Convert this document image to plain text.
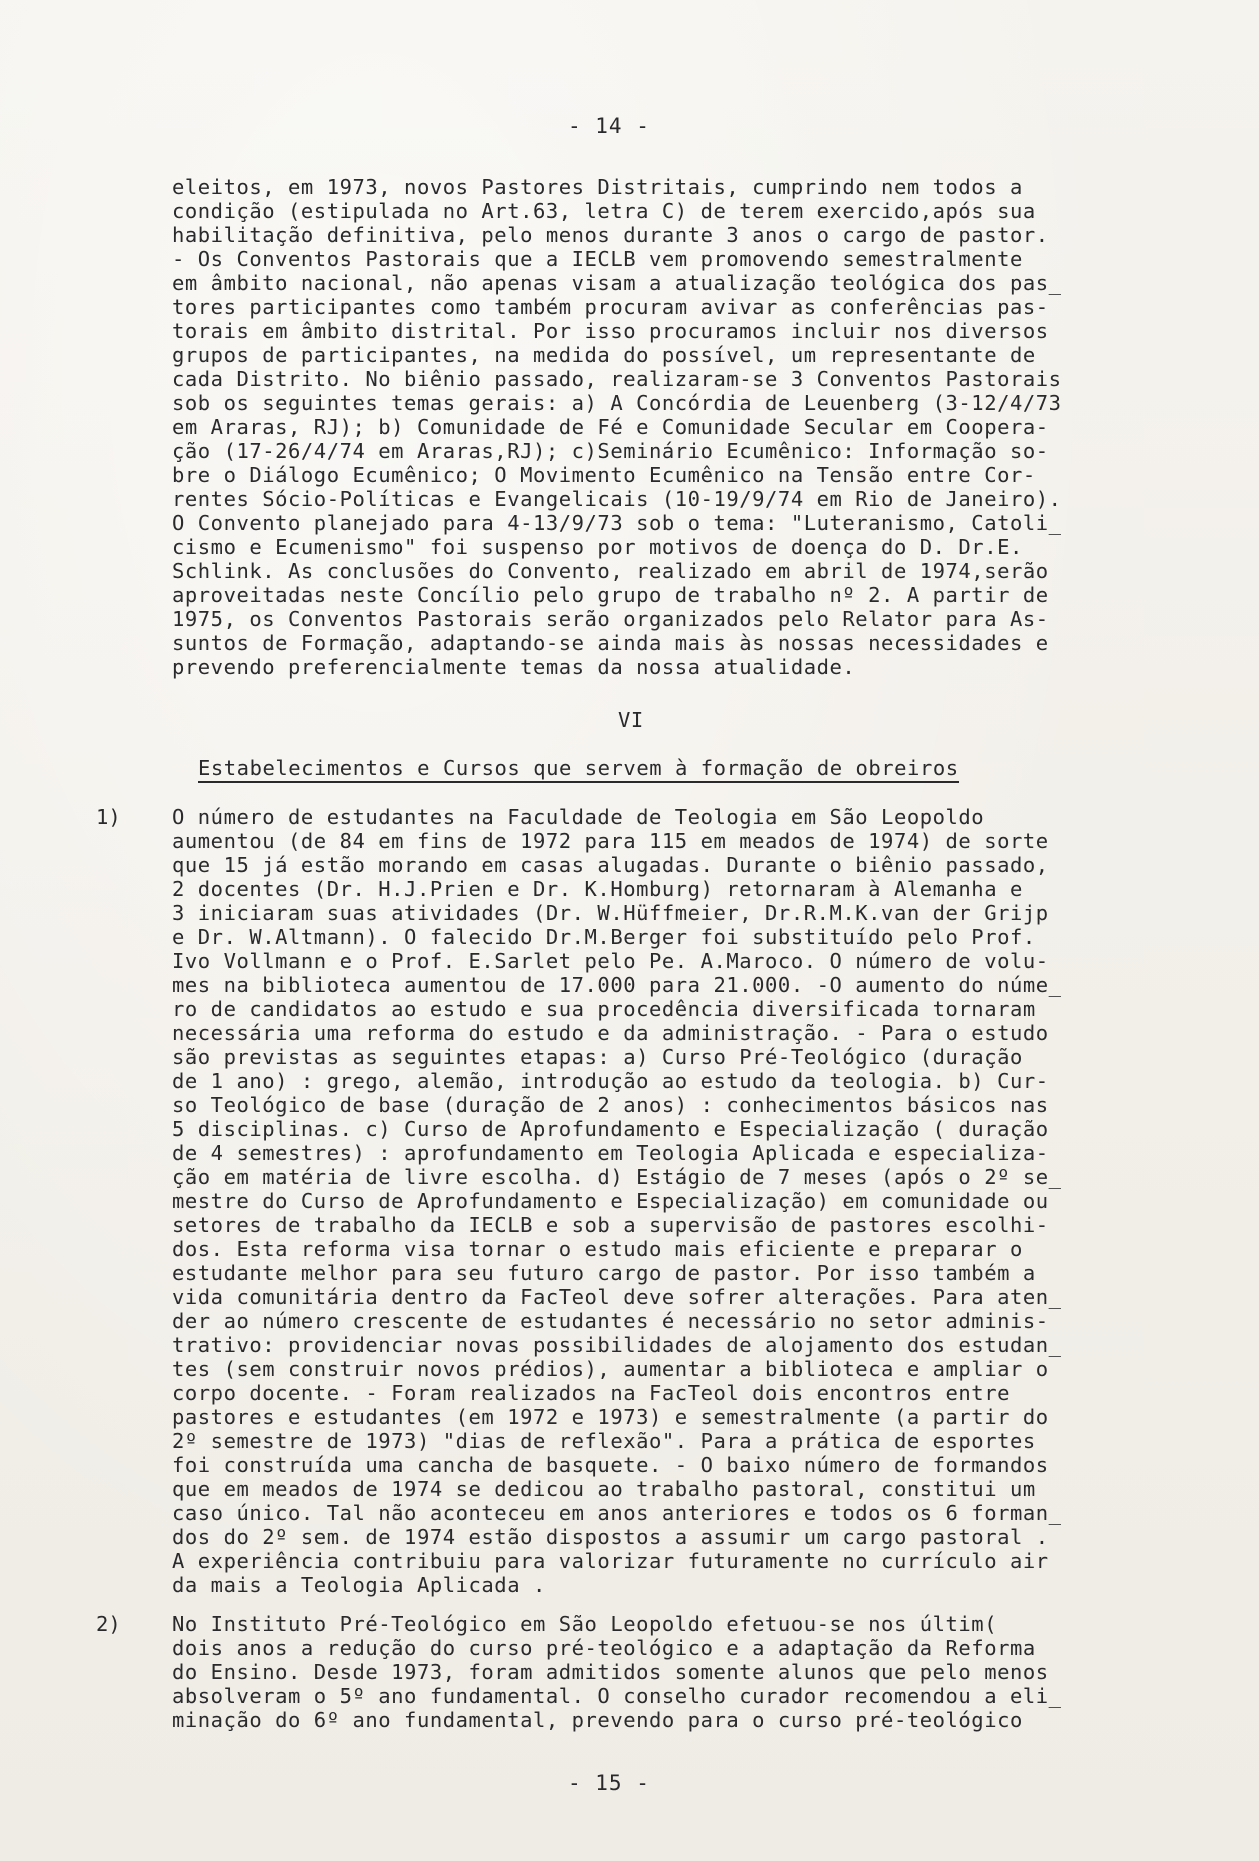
- 14 -
eleitos, em 1973, novos Pastores Distritais, cumprindo nem todos a
condição (estipulada no Art.63, letra C) de terem exercido,após sua
habilitação definitiva, pelo menos durante 3 anos o cargo de pastor.
- Os Conventos Pastorais que a IECLB vem promovendo semestralmente
em âmbito nacional, não apenas visam a atualização teológica dos pas_
tores participantes como também procuram avivar as conferências pas-
torais em âmbito distrital. Por isso procuramos incluir nos diversos
grupos de participantes, na medida do possível, um representante de
cada Distrito. No biênio passado, realizaram-se 3 Conventos Pastorais
sob os seguintes temas gerais: a) A Concórdia de Leuenberg (3-12/4/73
em Araras, RJ); b) Comunidade de Fé e Comunidade Secular em Coopera-
ção (17-26/4/74 em Araras,RJ); c)Seminário Ecumênico: Informação so-
bre o Diálogo Ecumênico; O Movimento Ecumênico na Tensão entre Cor-
rentes Sócio-Políticas e Evangelicais (10-19/9/74 em Rio de Janeiro).
O Convento planejado para 4-13/9/73 sob o tema: "Luteranismo, Catoli_
cismo e Ecumenismo" foi suspenso por motivos de doença do D. Dr.E.
Schlink. As conclusões do Convento, realizado em abril de 1974,serão
aproveitadas neste Concílio pelo grupo de trabalho nº 2. A partir de
1975, os Conventos Pastorais serão organizados pelo Relator para As-
suntos de Formação, adaptando-se ainda mais às nossas necessidades e
prevendo preferencialmente temas da nossa atualidade.
VI
Estabelecimentos e Cursos que servem à formação de obreiros
1)	O número de estudantes na Faculdade de Teologia em São Leopoldo
aumentou (de 84 em fins de 1972 para 115 em meados de 1974) de sorte
que 15 já estão morando em casas alugadas. Durante o biênio passado,
2 docentes (Dr. H.J.Prien e Dr. K.Homburg) retornaram à Alemanha e
3 iniciaram suas atividades (Dr. W.Hüffmeier, Dr.R.M.K.van der Grijp
e Dr. W.Altmann). O falecido Dr.M.Berger foi substituído pelo Prof.
Ivo Vollmann e o Prof. E.Sarlet pelo Pe. A.Maroco. O número de volu-
mes na biblioteca aumentou de 17.000 para 21.000. -O aumento do núme_
ro de candidatos ao estudo e sua procedência diversificada tornaram
necessária uma reforma do estudo e da administração. - Para o estudo
são previstas as seguintes etapas: a) Curso Pré-Teológico (duração
de 1 ano) : grego, alemão, introdução ao estudo da teologia. b) Cur-
so Teológico de base (duração de 2 anos) : conhecimentos básicos nas
5 disciplinas. c) Curso de Aprofundamento e Especialização ( duração
de 4 semestres) : aprofundamento em Teologia Aplicada e especializa-
ção em matéria de livre escolha. d) Estágio de 7 meses (após o 2º se_
mestre do Curso de Aprofundamento e Especialização) em comunidade ou
setores de trabalho da IECLB e sob a supervisão de pastores escolhi-
dos. Esta reforma visa tornar o estudo mais eficiente e preparar o
estudante melhor para seu futuro cargo de pastor. Por isso também a
vida comunitária dentro da FacTeol deve sofrer alterações. Para aten_
der ao número crescente de estudantes é necessário no setor adminis-
trativo: providenciar novas possibilidades de alojamento dos estudan_
tes (sem construir novos prédios), aumentar a biblioteca e ampliar o
corpo docente. - Foram realizados na FacTeol dois encontros entre
pastores e estudantes (em 1972 e 1973) e semestralmente (a partir do
2º semestre de 1973) "dias de reflexão". Para a prática de esportes
foi construída uma cancha de basquete. - O baixo número de formandos
que em meados de 1974 se dedicou ao trabalho pastoral, constitui um
caso único. Tal não aconteceu em anos anteriores e todos os 6 forman_
dos do 2º sem. de 1974 estão dispostos a assumir um cargo pastoral .
A experiência contribuiu para valorizar futuramente no currículo air
da mais a Teologia Aplicada .
2)	No Instituto Pré-Teológico em São Leopoldo efetuou-se nos últim(
dois anos a redução do curso pré-teológico e a adaptação da Reforma
do Ensino. Desde 1973, foram admitidos somente alunos que pelo menos
absolveram o 5º ano fundamental. O conselho curador recomendou a eli_
minação do 6º ano fundamental, prevendo para o curso pré-teológico
- 15 -
